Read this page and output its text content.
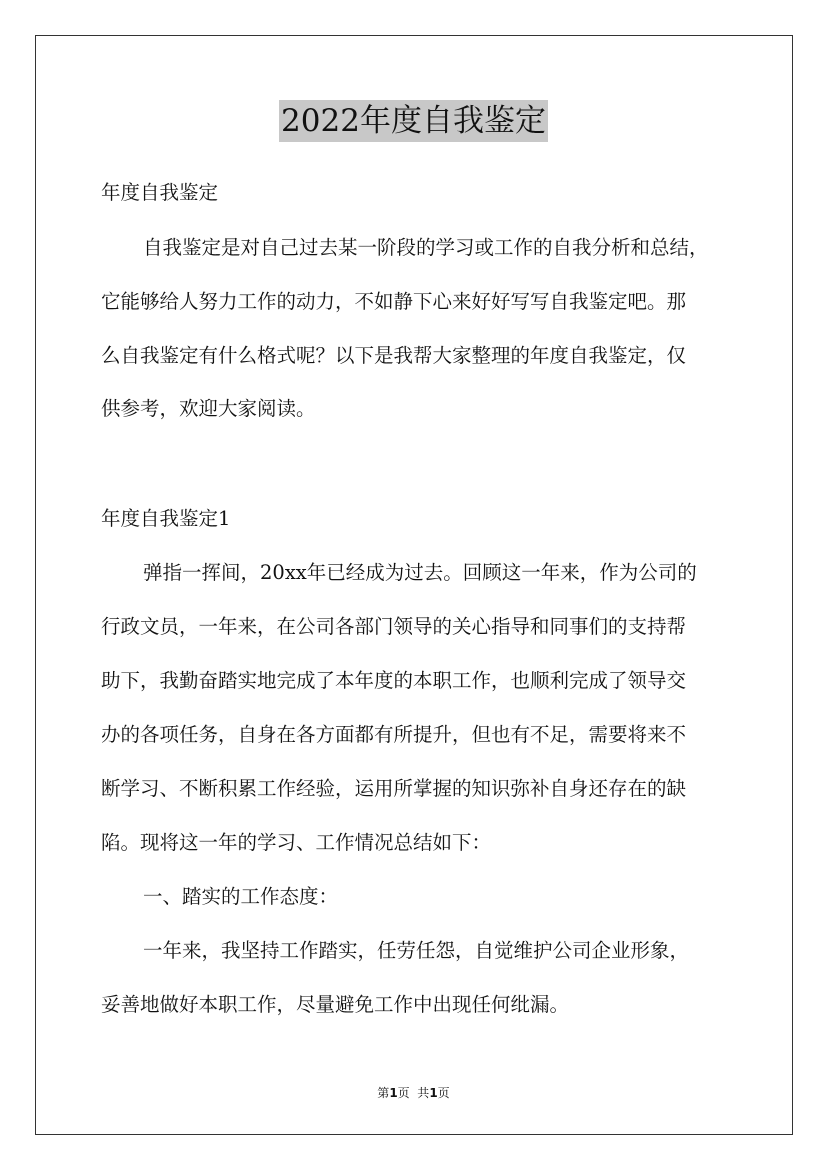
2022年度自我鉴定
年度自我鉴定
自我鉴定是对自己过去某一阶段的学习或工作的自我分析和总结，
它能够给人努力工作的动力，不如静下心来好好写写自我鉴定吧。那
么自我鉴定有什么格式呢？以下是我帮大家整理的年度自我鉴定，仅
供参考，欢迎大家阅读。
年度自我鉴定1
弹指一挥间，20xx年已经成为过去。回顾这一年来，作为公司的
行政文员，一年来，在公司各部门领导的关心指导和同事们的支持帮
助下，我勤奋踏实地完成了本年度的本职工作，也顺利完成了领导交
办的各项任务，自身在各方面都有所提升，但也有不足，需要将来不
断学习、不断积累工作经验，运用所掌握的知识弥补自身还存在的缺
陷。现将这一年的学习、工作情况总结如下：
一、踏实的工作态度：
一年来，我坚持工作踏实，任劳任怨，自觉维护公司企业形象，
妥善地做好本职工作，尽量避免工作中出现任何纰漏。
第1页  共1页
